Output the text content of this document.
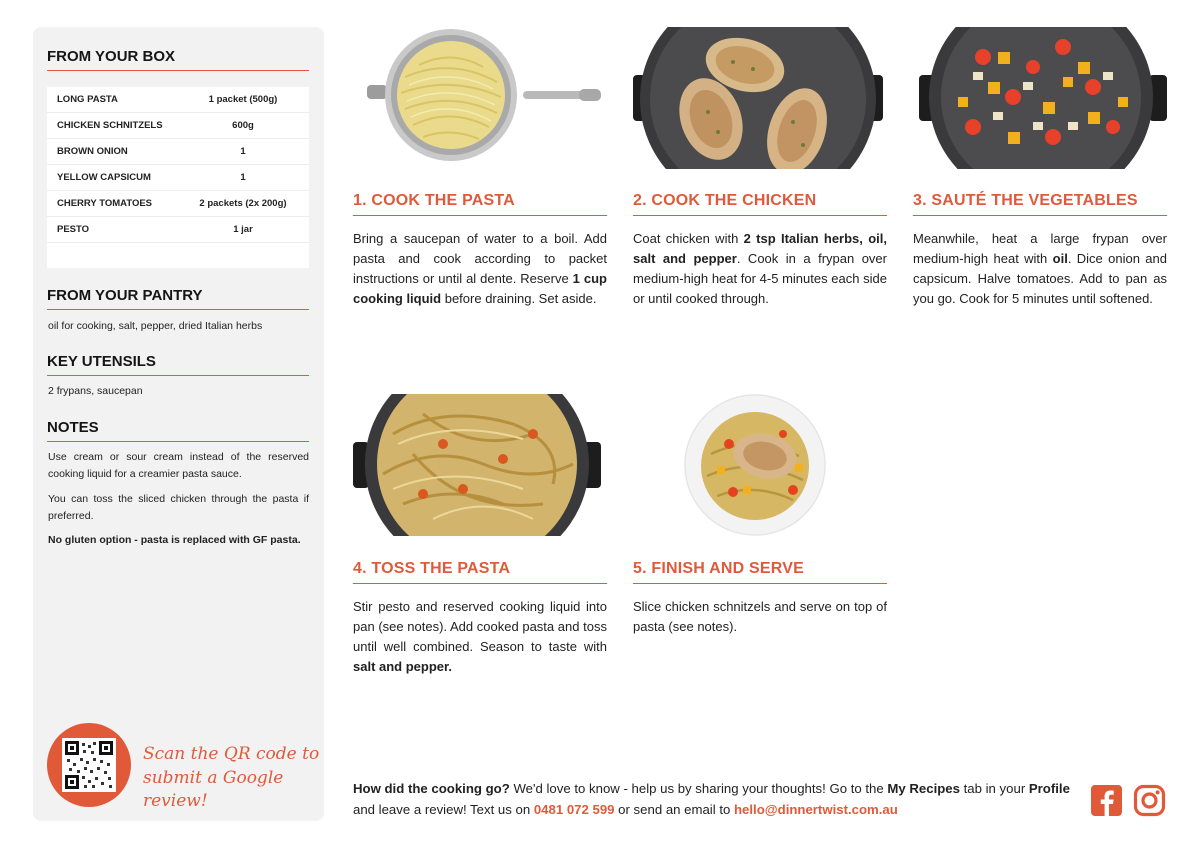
FROM YOUR BOX
LONG PASTA	1 packet (500g)
CHICKEN SCHNITZELS	600g
BROWN ONION	1
YELLOW CAPSICUM	1
CHERRY TOMATOES	2 packets (2x 200g)
PESTO	1 jar
FROM YOUR PANTRY
oil for cooking, salt, pepper, dried Italian herbs
KEY UTENSILS
2 frypans, saucepan
NOTES
Use cream or sour cream instead of the reserved cooking liquid for a creamier pasta sauce.
You can toss the sliced chicken through the pasta if preferred.
No gluten option - pasta is replaced with GF pasta.
Scan the QR code to
submit a Google review!
1. COOK THE PASTA
Bring a saucepan of water to a boil. Add pasta and cook according to packet instructions or until al dente. Reserve 1 cup cooking liquid before draining. Set aside.
2. COOK THE CHICKEN
Coat chicken with 2 tsp Italian herbs, oil, salt and pepper. Cook in a frypan over medium-high heat for 4-5 minutes each side or until cooked through.
3. SAUTÉ THE VEGETABLES
Meanwhile, heat a large frypan over medium-high heat with oil. Dice onion and capsicum. Halve tomatoes. Add to pan as you go. Cook for 5 minutes until softened.
4. TOSS THE PASTA
Stir pesto and reserved cooking liquid into pan (see notes). Add cooked pasta and toss until well combined. Season to taste with salt and pepper.
5. FINISH AND SERVE
Slice chicken schnitzels and serve on top of pasta (see notes).
How did the cooking go? We'd love to know - help us by sharing your thoughts! Go to the My Recipes tab in your Profile and leave a review! Text us on 0481 072 599 or send an email to hello@dinnertwist.com.au
